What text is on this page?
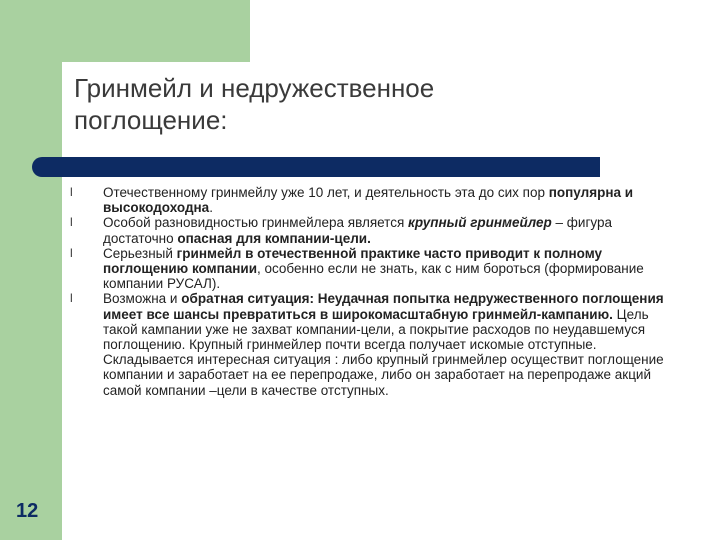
Гринмейл и недружественное
поглощение:
l Отечественному гринмейлу уже 10 лет, и деятельность эта до сих пор популярна и высокодоходна.
l Особой разновидностью гринмейлера является крупный гринмейлер – фигура достаточно опасная для компании-цели.
l Серьезный гринмейл в отечественной практике часто приводит к полному поглощению компании, особенно если не знать, как с ним бороться (формирование компании РУСАЛ).
l Возможна и обратная ситуация: Неудачная попытка недружественного поглощения имеет все шансы превратиться в широкомасштабную гринмейл-кампанию. Цель такой кампании уже не захват компании-цели, а покрытие расходов по неудавшемуся поглощению. Крупный гринмейлер почти всегда получает искомые отступные. Складывается интересная ситуация : либо крупный гринмейлер осуществит поглощение компании и заработает на ее перепродаже, либо он заработает на перепродаже акций самой компании –цели в качестве отступных.
12
